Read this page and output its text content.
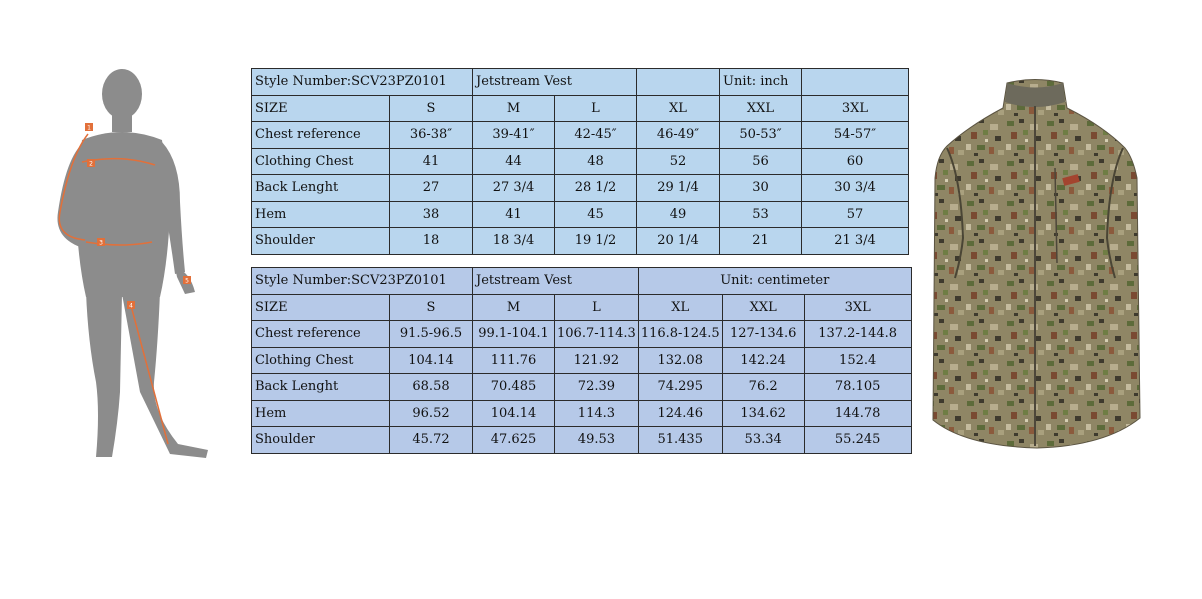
1
2
3
4
5
Style Number:SCV23PZ0101		Jetstream Vest			Unit: inch	
SIZE	S	M	L	XL	XXL	3XL
Chest reference	36-38″	39-41″	42-45″	46-49″	50-53″	54-57″
Clothing Chest	41	44	48	52	56	60
Back Lenght	27	27 3/4	28 1/2	29 1/4	30	30 3/4
Hem	38	41	45	49	53	57
Shoulder	18	18 3/4	19 1/2	20 1/4	21	21 3/4
Style Number:SCV23PZ0101		Jetstream Vest		Unit: centimeter		
SIZE	S	M	L	XL	XXL	3XL
Chest reference	91.5-96.5	99.1-104.1	106.7-114.3	116.8-124.5	127-134.6	137.2-144.8
Clothing Chest	104.14	111.76	121.92	132.08	142.24	152.4
Back Lenght	68.58	70.485	72.39	74.295	76.2	78.105
Hem	96.52	104.14	114.3	124.46	134.62	144.78
Shoulder	45.72	47.625	49.53	51.435	53.34	55.245
